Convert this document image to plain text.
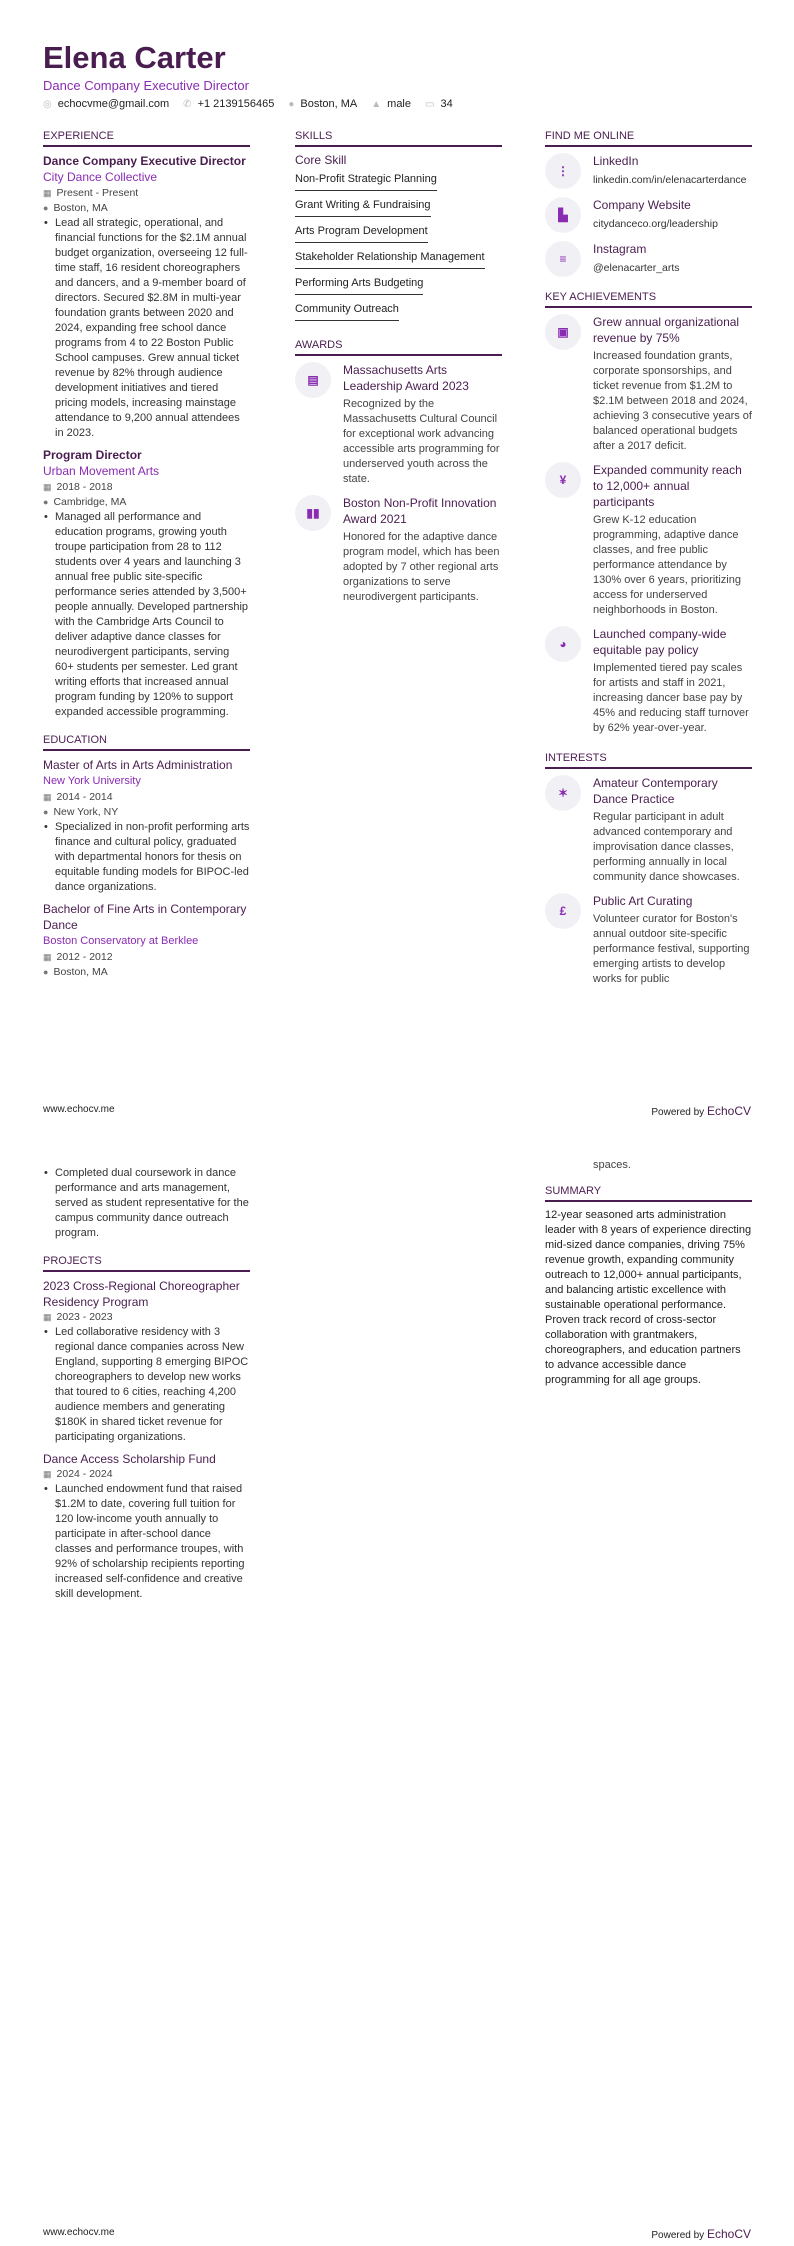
Elena Carter
Dance Company Executive Director
◎ echocvme@gmail.com ✆ +1 2139156465 ● Boston, MA ▲ male ▭ 34
EXPERIENCE
Dance Company Executive Director
City Dance Collective
▦ Present - Present
● Boston, MA
• Lead all strategic, operational, and financial functions for the $2.1M annual budget organization, overseeing 12 full-time staff, 16 resident choreographers and dancers, and a 9-member board of directors. Secured $2.8M in multi-year foundation grants between 2020 and 2024, expanding free school dance programs from 4 to 22 Boston Public School campuses. Grew annual ticket revenue by 82% through audience development initiatives and tiered pricing models, increasing mainstage attendance to 9,200 annual attendees in 2023.
Program Director
Urban Movement Arts
▦ 2018 - 2018
● Cambridge, MA
• Managed all performance and education programs, growing youth troupe participation from 28 to 112 students over 4 years and launching 3 annual free public site-specific performance series attended by 3,500+ people annually. Developed partnership with the Cambridge Arts Council to deliver adaptive dance classes for neurodivergent participants, serving 60+ students per semester. Led grant writing efforts that increased annual program funding by 120% to support expanded accessible programming.
EDUCATION
Master of Arts in Arts Administration
New York University
▦ 2014 - 2014
● New York, NY
• Specialized in non-profit performing arts finance and cultural policy, graduated with departmental honors for thesis on equitable funding models for BIPOC-led dance organizations.
Bachelor of Fine Arts in Contemporary Dance
Boston Conservatory at Berklee
▦ 2012 - 2012
● Boston, MA
SKILLS
Core Skill
Non-Profit Strategic Planning
Grant Writing & Fundraising
Arts Program Development
Stakeholder Relationship Management
Performing Arts Budgeting
Community Outreach
AWARDS
▤
Massachusetts Arts Leadership Award 2023
Recognized by the Massachusetts Cultural Council for exceptional work advancing accessible arts programming for underserved youth across the state.
▮▮
Boston Non-Profit Innovation Award 2021
Honored for the adaptive dance program model, which has been adopted by 7 other regional arts organizations to serve neurodivergent participants.
FIND ME ONLINE
⋮
LinkedIn
linkedin.com/in/elenacarterdance
▙
Company Website
citydanceco.org/leadership
≡
Instagram
@elenacarter_arts
KEY ACHIEVEMENTS
▣
Grew annual organizational revenue by 75%
Increased foundation grants, corporate sponsorships, and ticket revenue from $1.2M to $2.1M between 2018 and 2024, achieving 3 consecutive years of balanced operational budgets after a 2017 deficit.
¥
Expanded community reach to 12,000+ annual participants
Grew K-12 education programming, adaptive dance classes, and free public performance attendance by 130% over 6 years, prioritizing access for underserved neighborhoods in Boston.
◕
Launched company-wide equitable pay policy
Implemented tiered pay scales for artists and staff in 2021, increasing dancer base pay by 45% and reducing staff turnover by 62% year-over-year.
INTERESTS
✶
Amateur Contemporary Dance Practice
Regular participant in adult advanced contemporary and improvisation dance classes, performing annually in local community dance showcases.
£
Public Art Curating
Volunteer curator for Boston's annual outdoor site-specific performance festival, supporting emerging artists to develop works for public
www.echocv.me	Powered by EchoCV
• Completed dual coursework in dance performance and arts management, served as student representative for the campus community dance outreach program.
PROJECTS
2023 Cross-Regional Choreographer Residency Program
▦ 2023 - 2023
• Led collaborative residency with 3 regional dance companies across New England, supporting 8 emerging BIPOC choreographers to develop new works that toured to 6 cities, reaching 4,200 audience members and generating $180K in shared ticket revenue for participating organizations.
Dance Access Scholarship Fund
▦ 2024 - 2024
• Launched endowment fund that raised $1.2M to date, covering full tuition for 120 low-income youth annually to participate in after-school dance classes and performance troupes, with 92% of scholarship recipients reporting increased self-confidence and creative skill development.
spaces.
SUMMARY
12-year seasoned arts administration leader with 8 years of experience directing mid-sized dance companies, driving 75% revenue growth, expanding community outreach to 12,000+ annual participants, and balancing artistic excellence with sustainable operational performance. Proven track record of cross-sector collaboration with grantmakers, choreographers, and education partners to advance accessible dance programming for all age groups.
www.echocv.me	Powered by EchoCV
